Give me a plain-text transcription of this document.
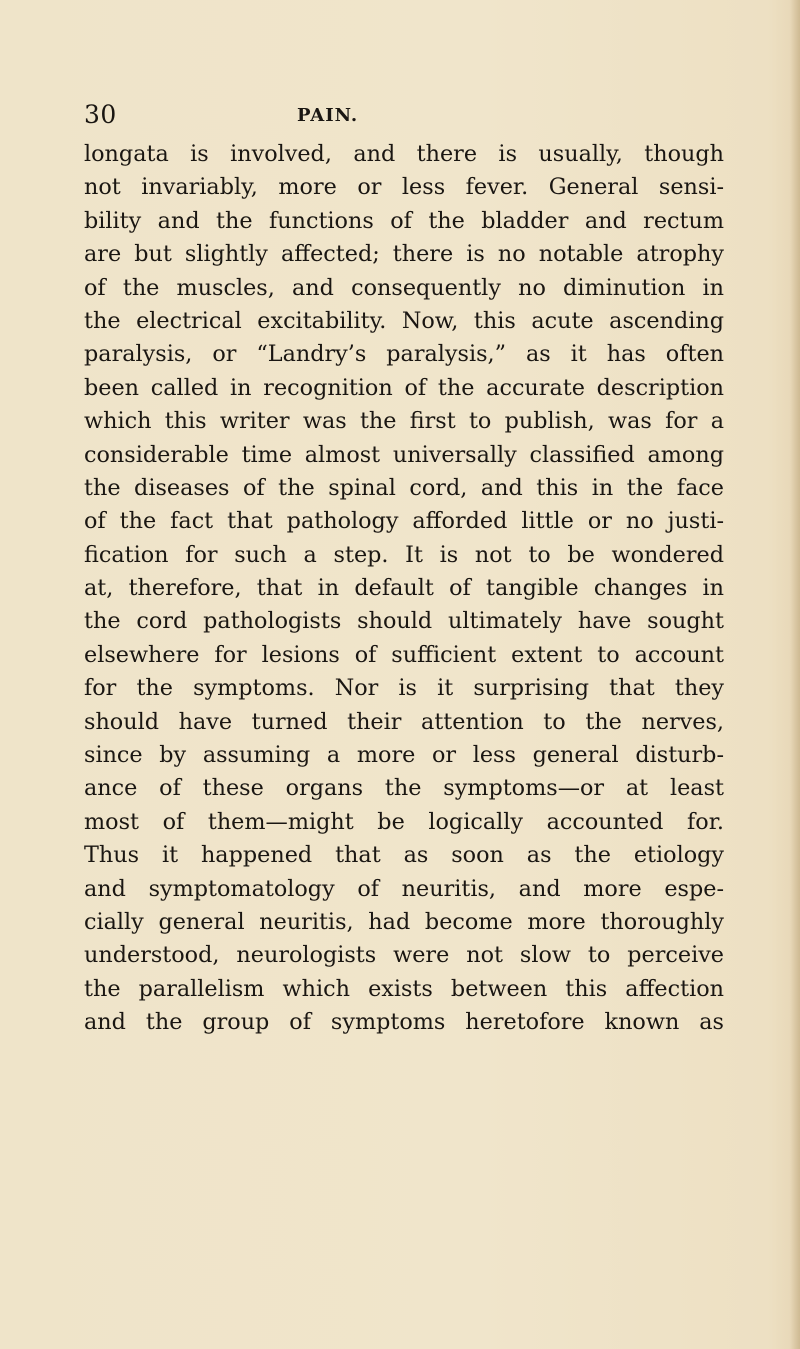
30	PAIN.
longata is involved, and there is usually, though
not invariably, more or less fever. General sensi-
bility and the functions of the bladder and rectum
are but slightly affected; there is no notable atrophy
of the muscles, and consequently no diminution in
the electrical excitability. Now, this acute ascending
paralysis, or “Landry’s paralysis,” as it has often
been called in recognition of the accurate description
which this writer was the first to publish, was for a
considerable time almost universally classified among
the diseases of the spinal cord, and this in the face
of the fact that pathology afforded little or no justi-
fication for such a step. It is not to be wondered
at, therefore, that in default of tangible changes in
the cord pathologists should ultimately have sought
elsewhere for lesions of sufficient extent to account
for the symptoms. Nor is it surprising that they
should have turned their attention to the nerves,
since by assuming a more or less general disturb-
ance of these organs the symptoms—or at least
most of them—might be logically accounted for.
Thus it happened that as soon as the etiology
and symptomatology of neuritis, and more espe-
cially general neuritis, had become more thoroughly
understood, neurologists were not slow to perceive
the parallelism which exists between this affection
and the group of symptoms heretofore known as
